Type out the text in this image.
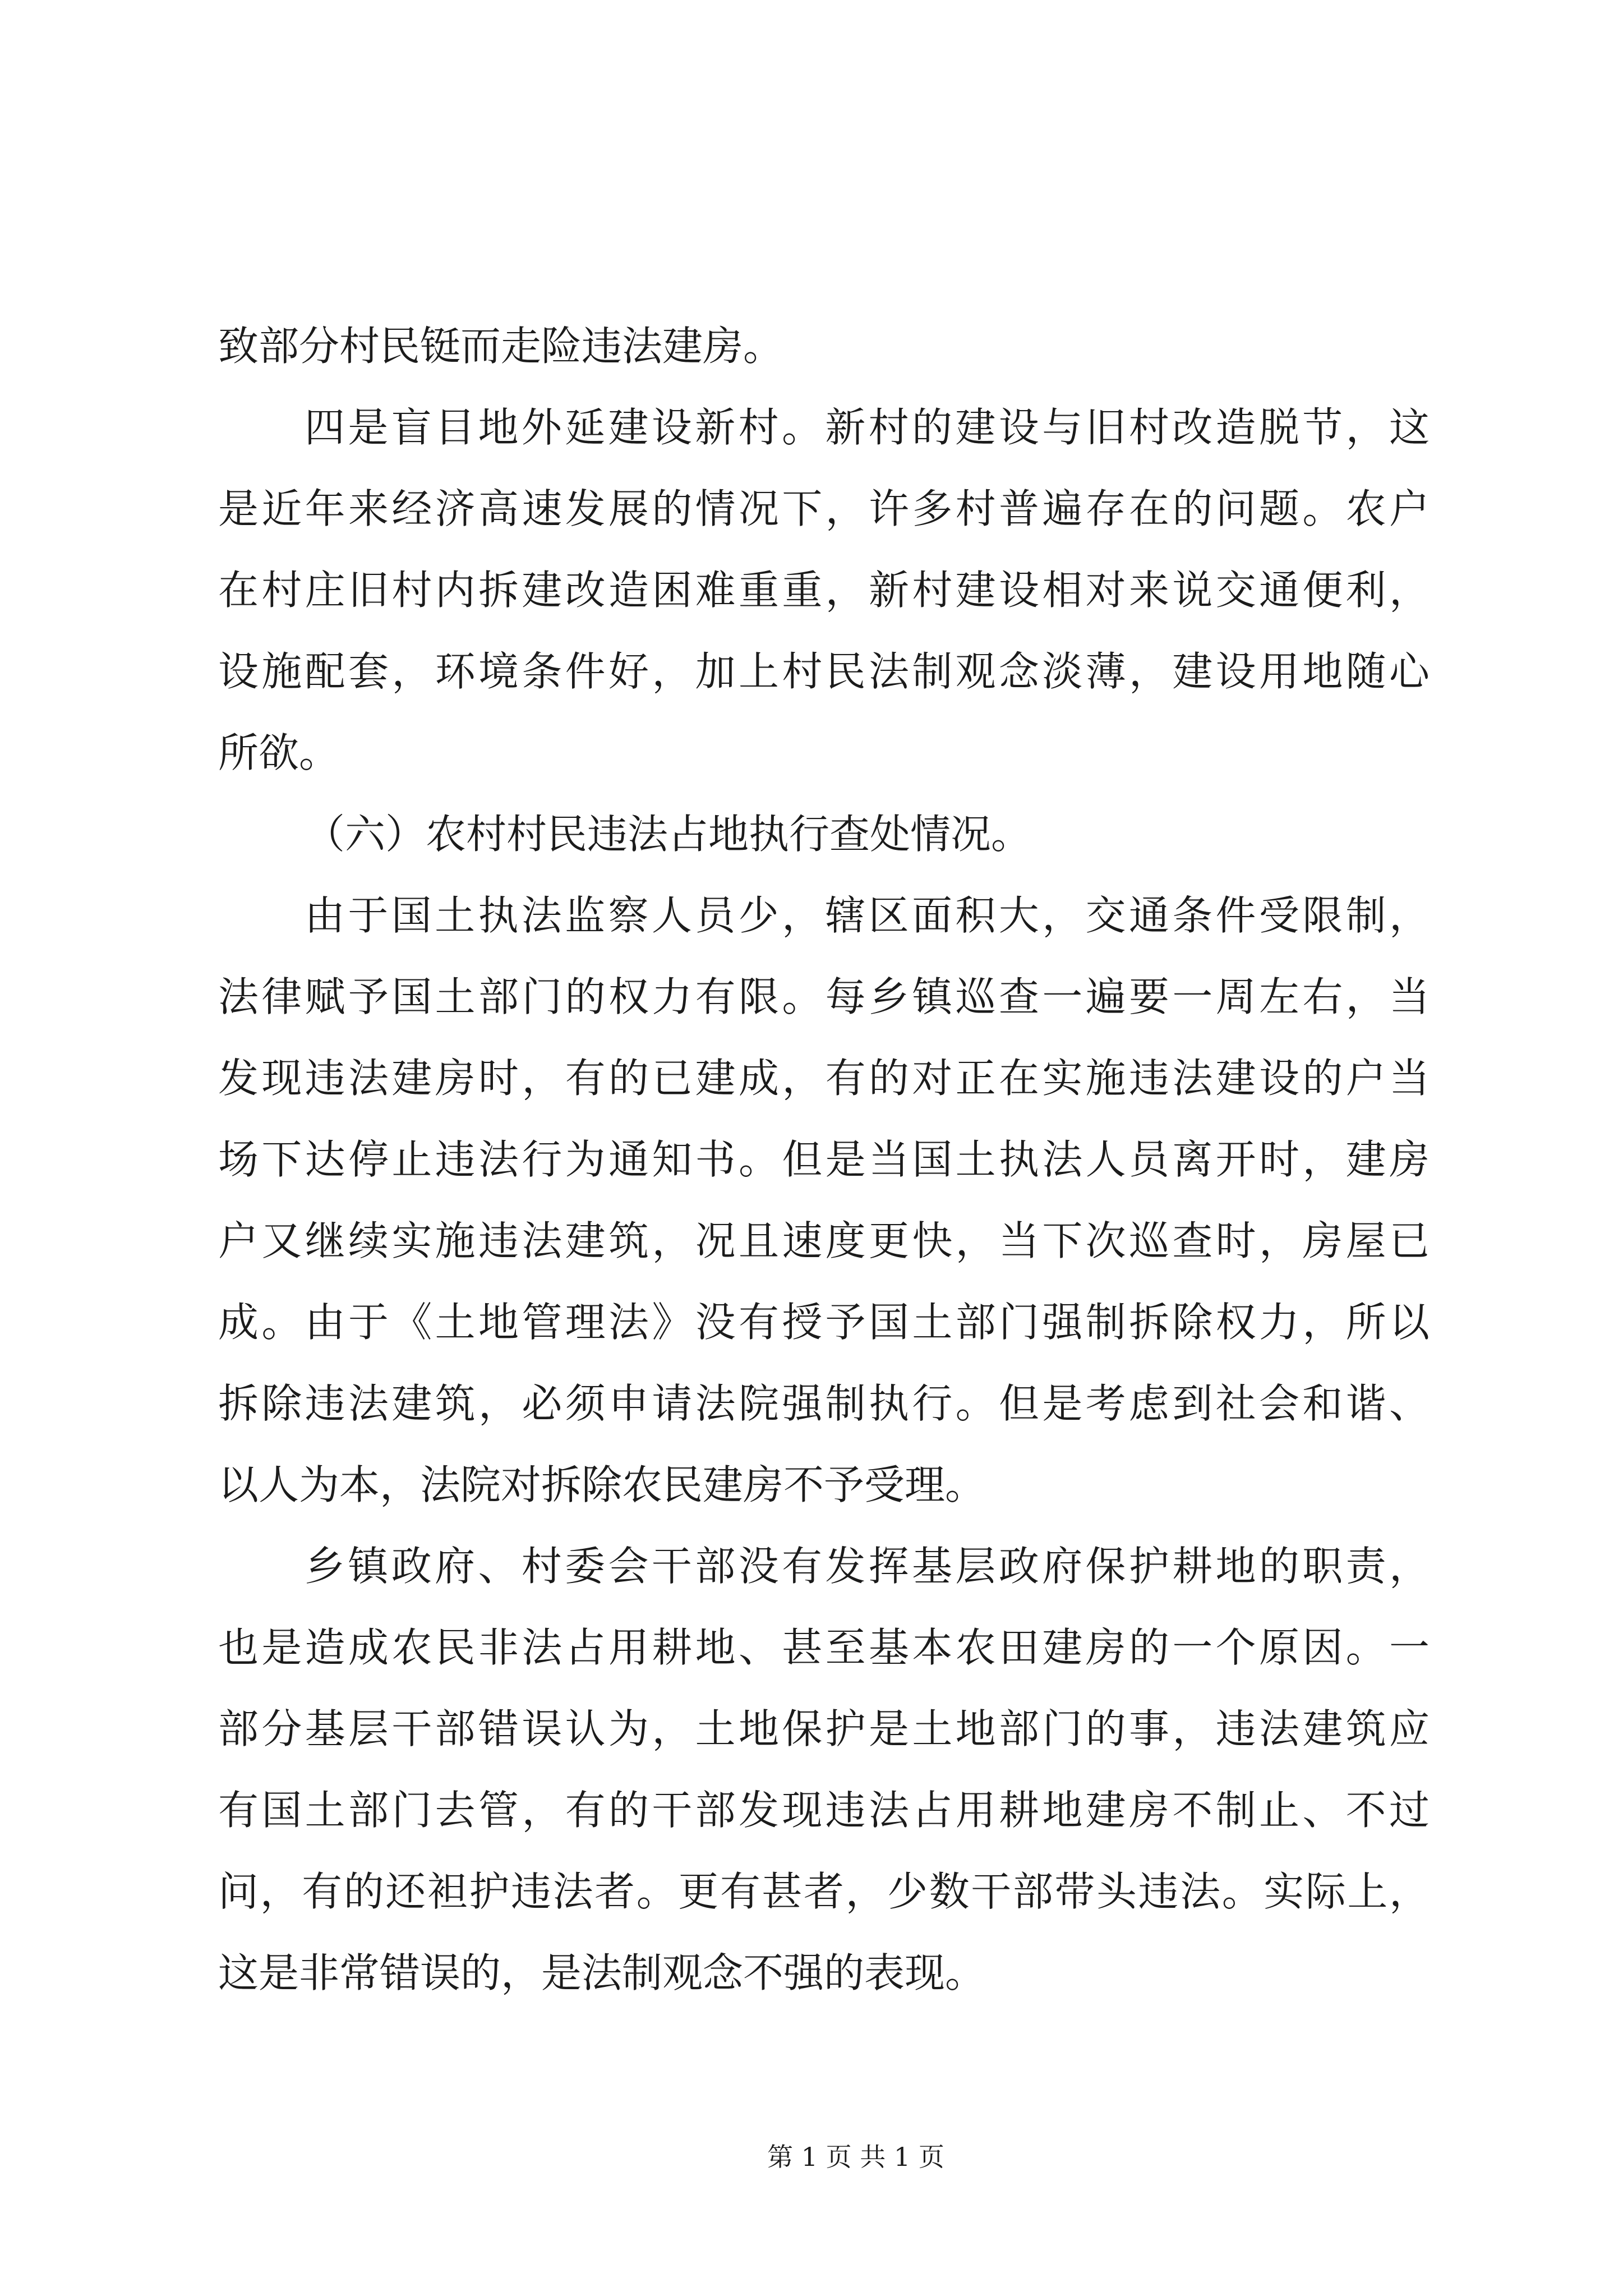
致部分村民铤而走险违法建房。
四是盲目地外延建设新村。新村的建设与旧村改造脱节，这
是近年来经济高速发展的情况下，许多村普遍存在的问题。农户
在村庄旧村内拆建改造困难重重，新村建设相对来说交通便利，
设施配套，环境条件好，加上村民法制观念淡薄，建设用地随心
所欲。
（六）农村村民违法占地执行查处情况。
由于国土执法监察人员少，辖区面积大，交通条件受限制，
法律赋予国土部门的权力有限。每乡镇巡查一遍要一周左右，当
发现违法建房时，有的已建成，有的对正在实施违法建设的户当
场下达停止违法行为通知书。但是当国土执法人员离开时，建房
户又继续实施违法建筑，况且速度更快，当下次巡查时，房屋已
成。由于《土地管理法》没有授予国土部门强制拆除权力，所以
拆除违法建筑，必须申请法院强制执行。但是考虑到社会和谐、
以人为本，法院对拆除农民建房不予受理。
乡镇政府、村委会干部没有发挥基层政府保护耕地的职责，
也是造成农民非法占用耕地、甚至基本农田建房的一个原因。一
部分基层干部错误认为，土地保护是土地部门的事，违法建筑应
有国土部门去管，有的干部发现违法占用耕地建房不制止、不过
问，有的还袒护违法者。更有甚者，少数干部带头违法。实际上，
这是非常错误的，是法制观念不强的表现。
第 1 页 共 1 页
